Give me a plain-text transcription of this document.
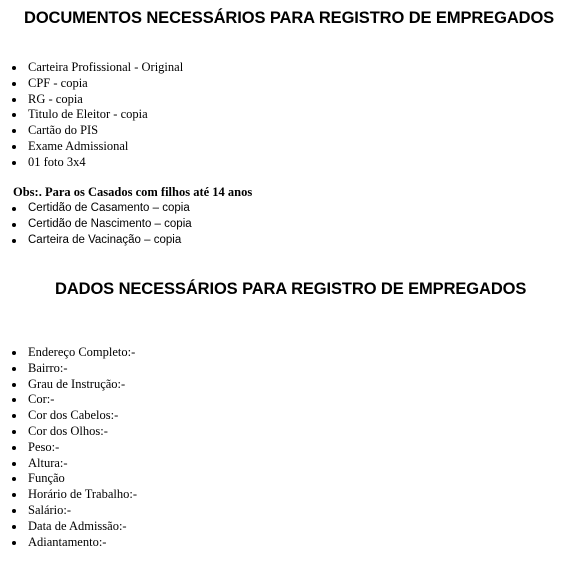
DOCUMENTOS NECESSÁRIOS PARA REGISTRO DE EMPREGADOS
Carteira Profissional - Original
CPF - copia
RG - copia
Titulo de Eleitor - copia
Cartão do PIS
Exame Admissional
01 foto 3x4

Obs:. Para os Casados com filhos até 14 anos

Certidão de Casamento – copia
Certidão de Nascimento – copia
Carteira de Vacinação – copia
DADOS NECESSÁRIOS PARA REGISTRO DE EMPREGADOS
Endereço Completo:-
Bairro:-
Grau de Instrução:-
Cor:-
Cor dos Cabelos:-
Cor dos Olhos:-
Peso:-
Altura:-
Função
Horário de Trabalho:-
Salário:-
Data de Admissão:-
Adiantamento:-
